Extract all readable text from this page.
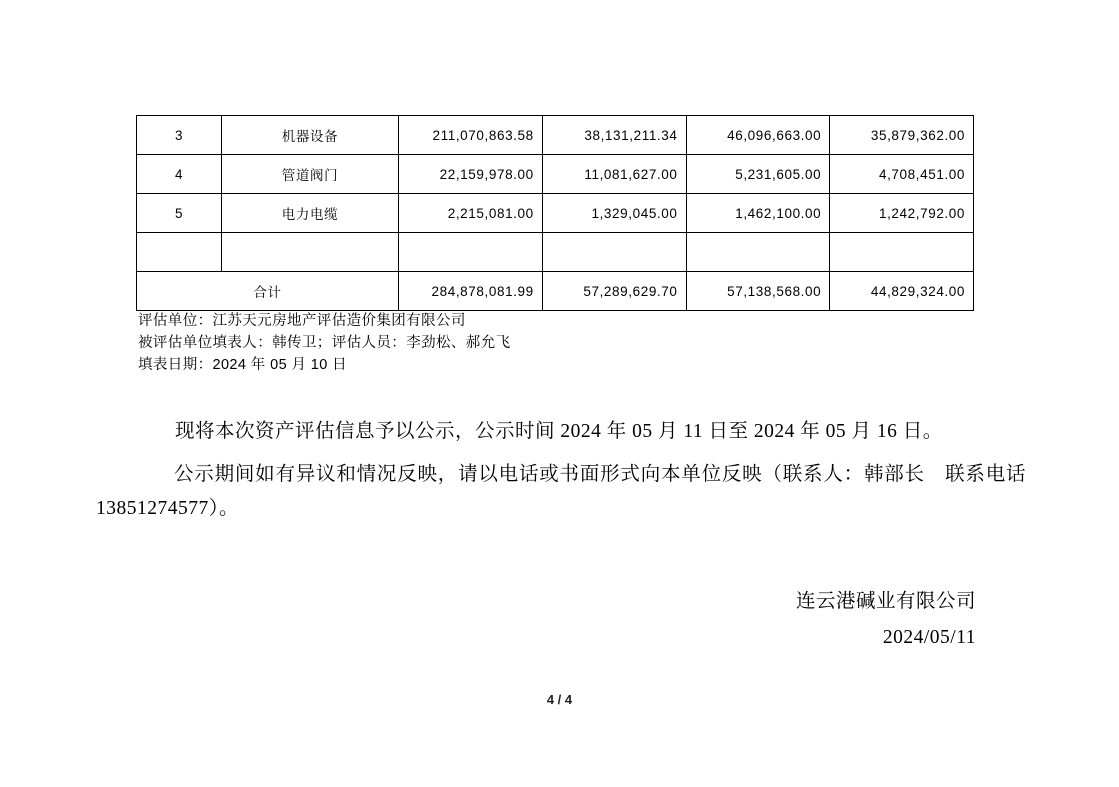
3	机器设备	211,070,863.58	38,131,211.34	46,096,663.00	35,879,362.00
4	管道阀门	22,159,978.00	11,081,627.00	5,231,605.00	4,708,451.00
5	电力电缆	2,215,081.00	1,329,045.00	1,462,100.00	1,242,792.00

合计		284,878,081.99	57,289,629.70	57,138,568.00	44,829,324.00
评估单位：江苏天元房地产评估造价集团有限公司
被评估单位填表人：韩传卫；评估人员：李劲松、郝允飞
填表日期：2024 年 05 月 10 日
现将本次资产评估信息予以公示，公示时间 2024 年 05 月 11 日至 2024 年 05 月 16 日。
公示期间如有异议和情况反映，请以电话或书面形式向本单位反映（联系人：韩部长　联系电话 13851274577）。
连云港碱业有限公司
2024/05/11
4 / 4
